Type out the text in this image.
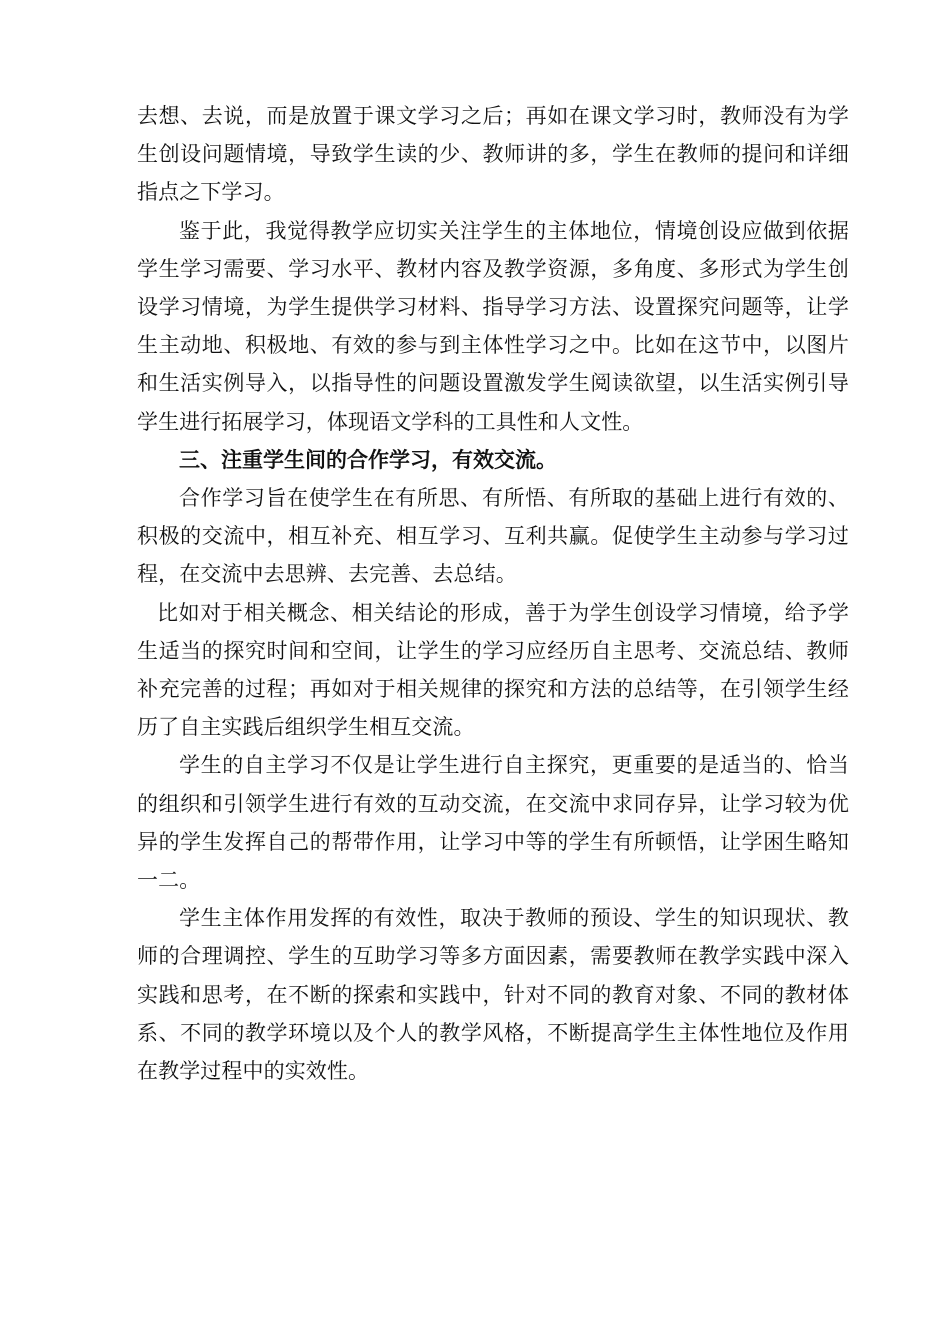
去想、去说，而是放置于课文学习之后；再如在课文学习时，教师没有为学生创设问题情境，导致学生读的少、教师讲的多，学生在教师的提问和详细指点之下学习。

鉴于此，我觉得教学应切实关注学生的主体地位，情境创设应做到依据学生学习需要、学习水平、教材内容及教学资源，多角度、多形式为学生创设学习情境，为学生提供学习材料、指导学习方法、设置探究问题等，让学生主动地、积极地、有效的参与到主体性学习之中。比如在这节中，以图片和生活实例导入，以指导性的问题设置激发学生阅读欲望，以生活实例引导学生进行拓展学习，体现语文学科的工具性和人文性。

三、注重学生间的合作学习，有效交流。

合作学习旨在使学生在有所思、有所悟、有所取的基础上进行有效的、积极的交流中，相互补充、相互学习、互利共赢。促使学生主动参与学习过程，在交流中去思辨、去完善、去总结。

比如对于相关概念、相关结论的形成，善于为学生创设学习情境，给予学生适当的探究时间和空间，让学生的学习应经历自主思考、交流总结、教师补充完善的过程；再如对于相关规律的探究和方法的总结等，在引领学生经历了自主实践后组织学生相互交流。

学生的自主学习不仅是让学生进行自主探究，更重要的是适当的、恰当的组织和引领学生进行有效的互动交流，在交流中求同存异，让学习较为优异的学生发挥自己的帮带作用，让学习中等的学生有所顿悟，让学困生略知一二。

学生主体作用发挥的有效性，取决于教师的预设、学生的知识现状、教师的合理调控、学生的互助学习等多方面因素，需要教师在教学实践中深入实践和思考，在不断的探索和实践中，针对不同的教育对象、不同的教材体系、不同的教学环境以及个人的教学风格，不断提高学生主体性地位及作用在教学过程中的实效性。
